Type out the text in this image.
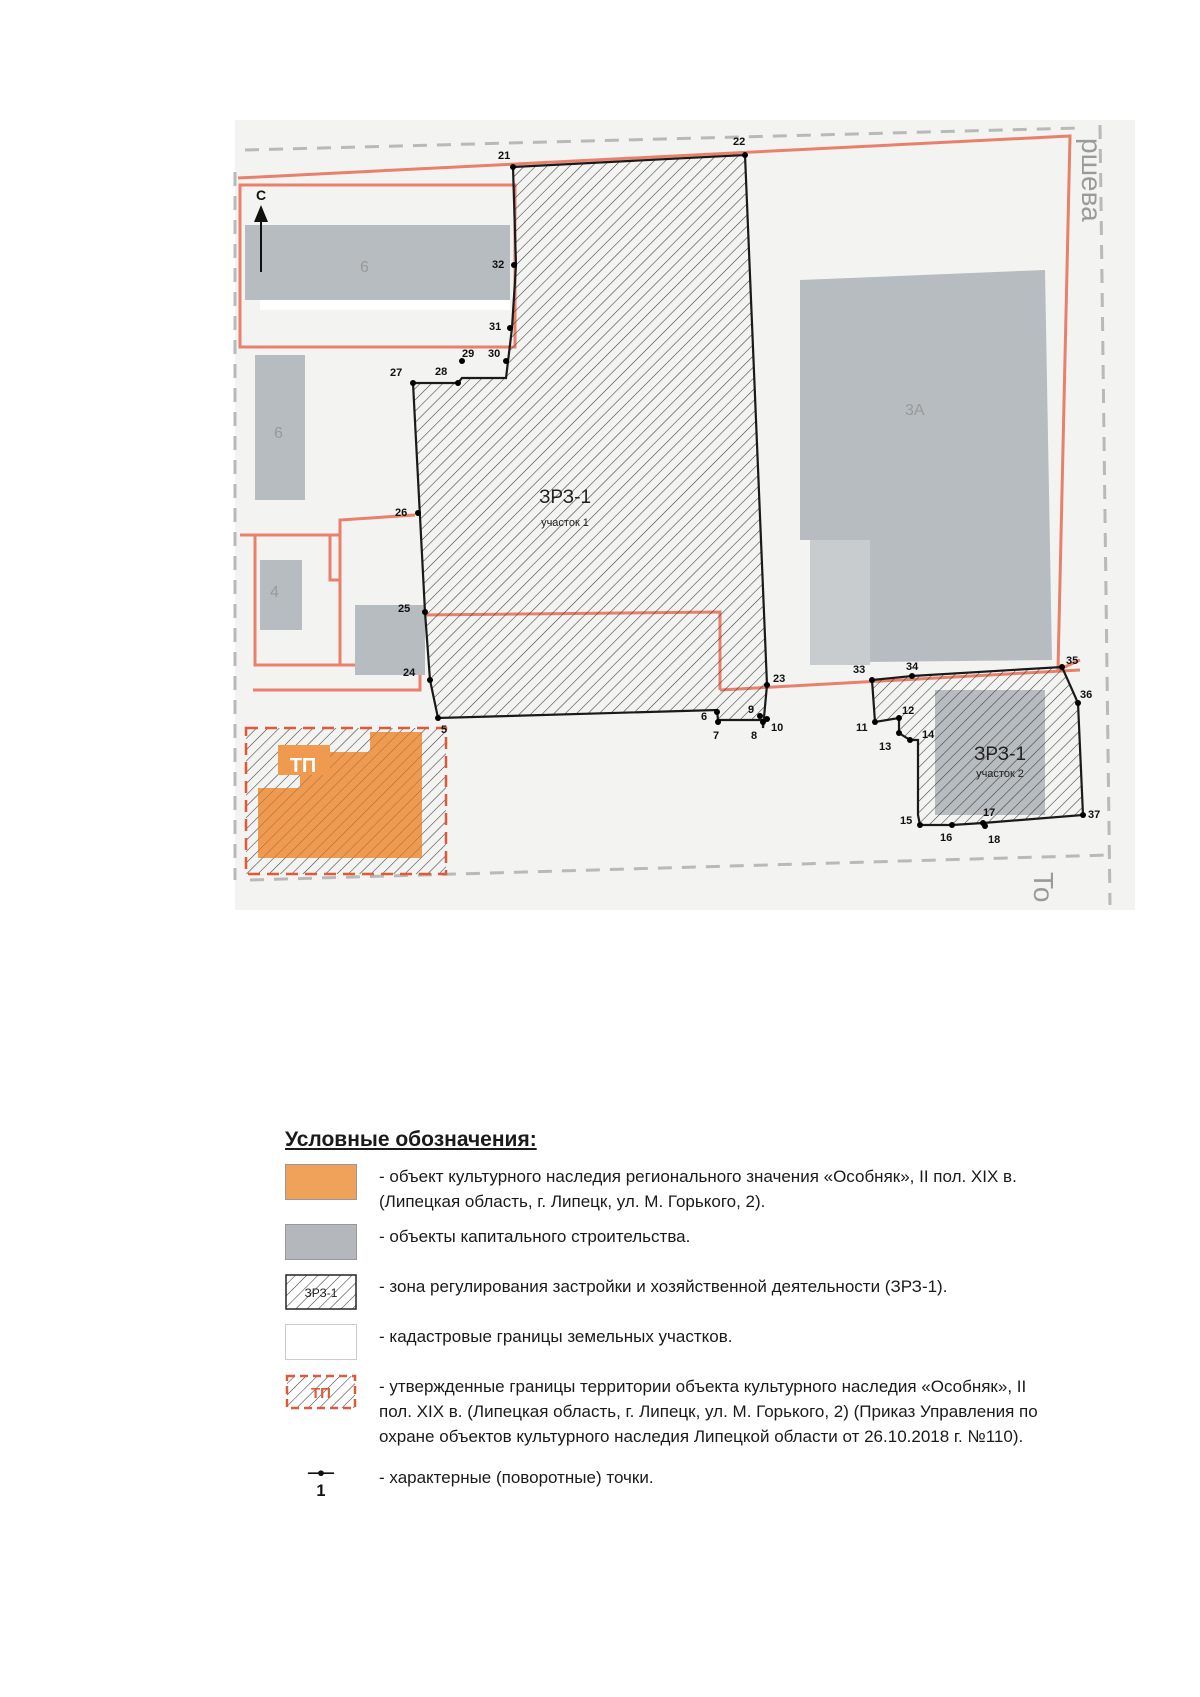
6
6
4
3А
ТП
ЗРЗ-1
участок 1
ЗРЗ-1
участок 2
ршева
То
С
5
6
7	8
9
10	11
12
13
14
15
16
17
18
21
22
23
24
25
26
27	28
29 30
31
32
33	34	35
36
37
Условные обозначения:
- объект культурного наследия регионального значения «Особняк», II пол. XIX в. (Липецкая область, г. Липецк, ул. М. Горького, 2).
- объекты капитального строительства.
ЗРЗ-1 - зона регулирования застройки и хозяйственной деятельности (ЗРЗ-1).
- кадастровые границы земельных участков.
ТП	- утвержденные границы территории объекта культурного наследия «Особняк», II пол. XIX в. (Липецкая область, г. Липецк, ул. М. Горького, 2) (Приказ Управления по охране объектов культурного наследия Липецкой области от 26.10.2018 г. №110).
1
- характерные (поворотные) точки.
